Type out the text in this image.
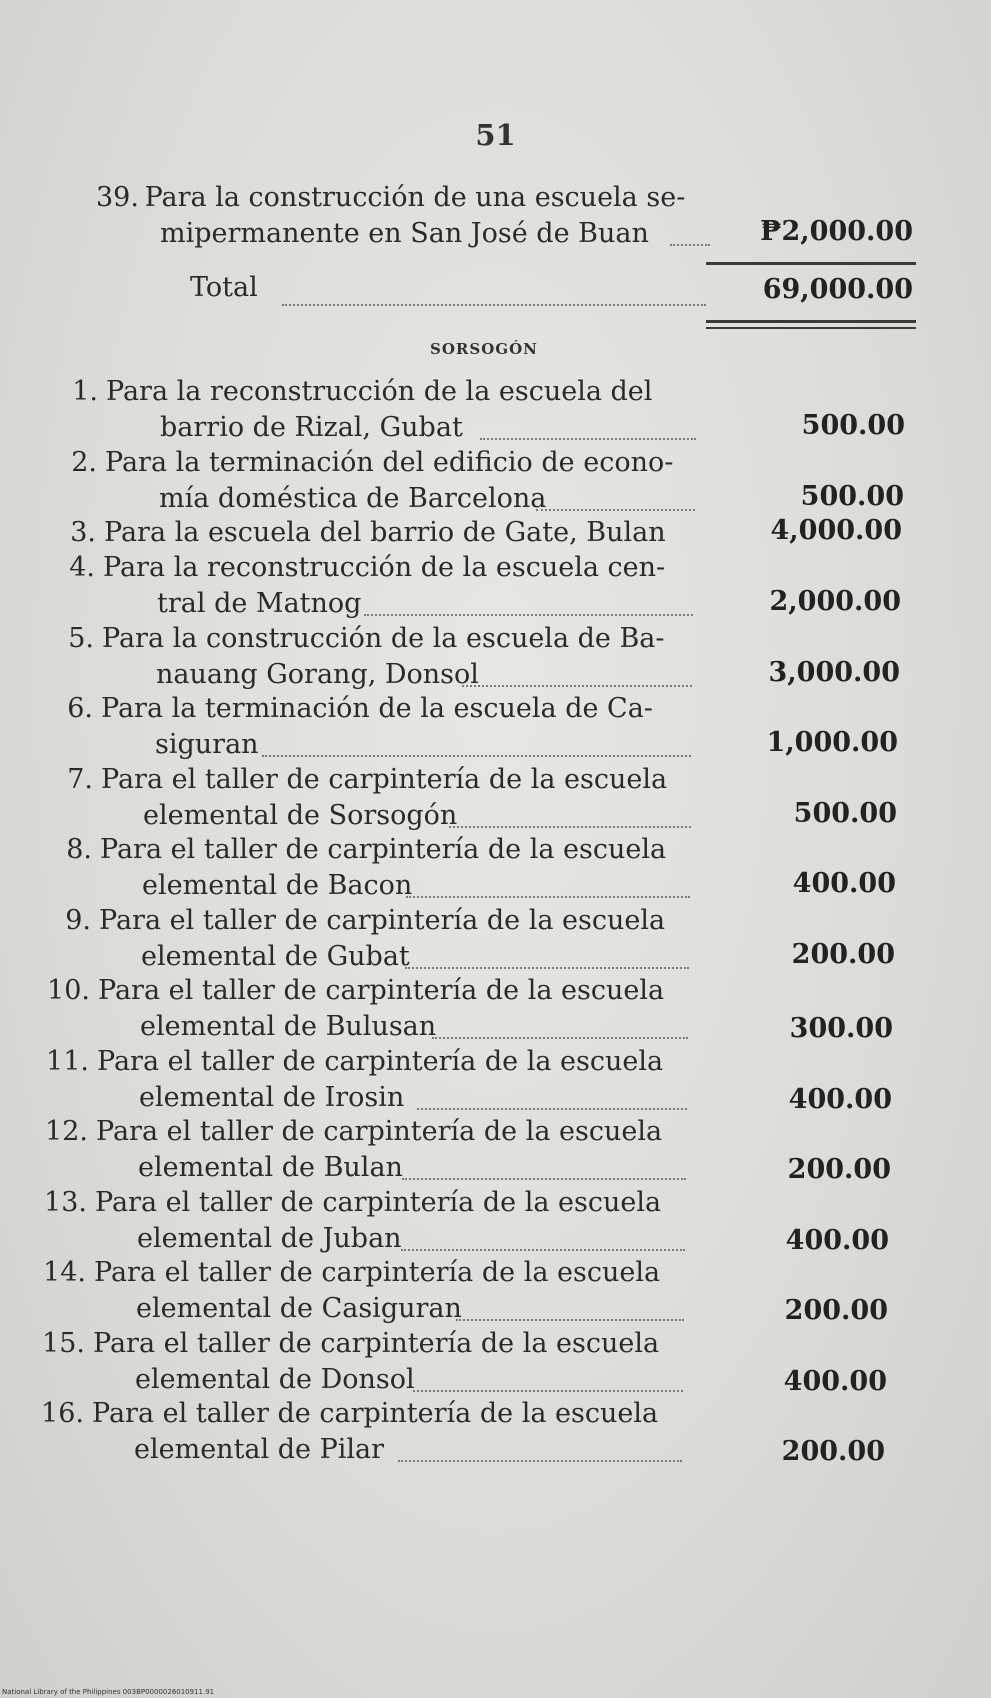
51
39. Para la construcción de una escuela se-
mipermanente en San José de Buan	₱2,000.00
Total	69,000.00
SORSOGÓN
1. Para la reconstrucción de la escuela del
barrio de Rizal, Gubat	500.00
2. Para la terminación del edificio de econo-
mía doméstica de Barcelona	500.00
3. Para la escuela del barrio de Gate, Bulan	4,000.00
4. Para la reconstrucción de la escuela cen-
tral de Matnog	2,000.00
5. Para la construcción de la escuela de Ba-
nauang Gorang, Donsol	3,000.00
6. Para la terminación de la escuela de Ca-
siguran	1,000.00
7. Para el taller de carpintería de la escuela
elemental de Sorsogón	500.00
8. Para el taller de carpintería de la escuela
elemental de Bacon	400.00
9. Para el taller de carpintería de la escuela
elemental de Gubat	200.00
10. Para el taller de carpintería de la escuela
elemental de Bulusan	300.00
11. Para el taller de carpintería de la escuela
elemental de Irosin	400.00
12. Para el taller de carpintería de la escuela
elemental de Bulan	200.00
13. Para el taller de carpintería de la escuela
elemental de Juban	400.00
14. Para el taller de carpintería de la escuela
elemental de Casiguran	200.00
15. Para el taller de carpintería de la escuela
elemental de Donsol	400.00
16. Para el taller de carpintería de la escuela
elemental de Pilar	200.00
National Library of the Philippines 003BP0000026010911.91
